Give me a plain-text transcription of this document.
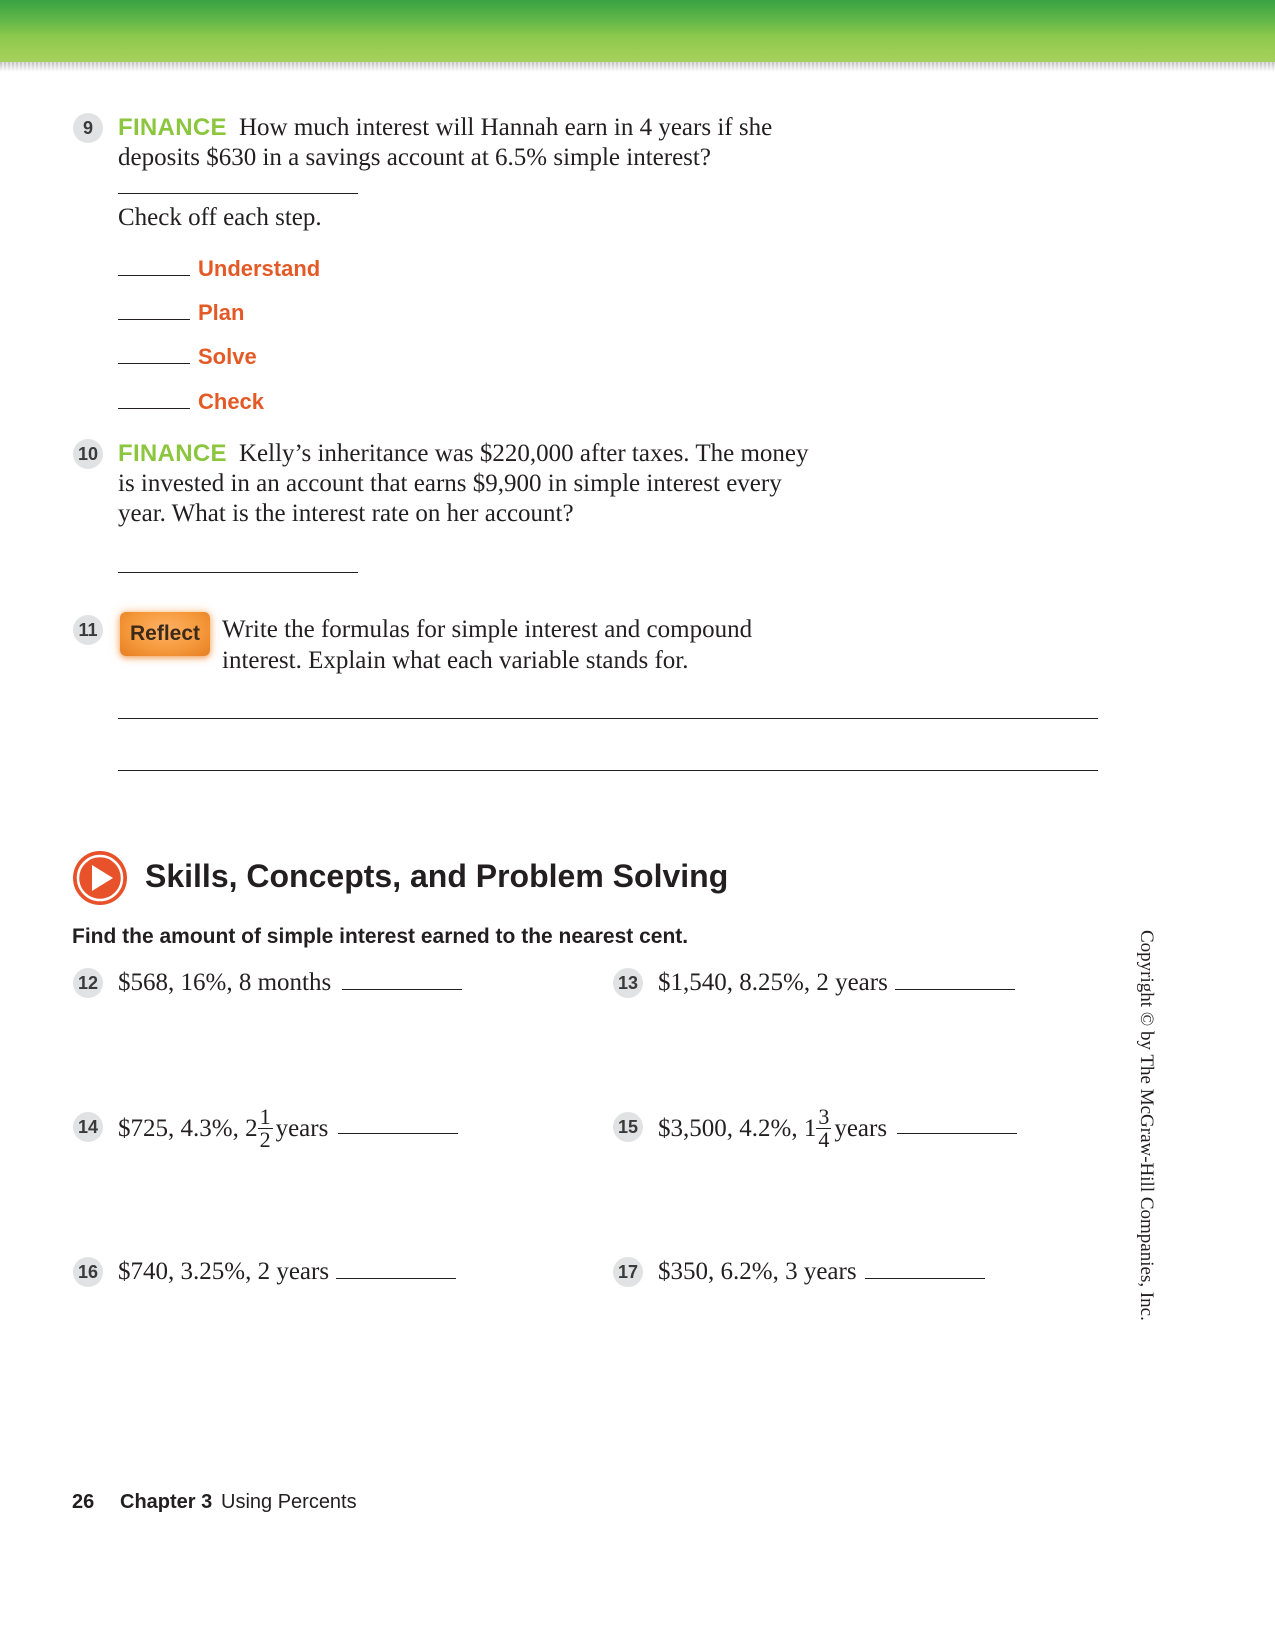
9	FINANCE How much interest will Hannah earn in 4 years if she
deposits $630 in a savings account at 6.5% simple interest?
Check off each step.
Understand
Plan
Solve
Check
10 FINANCE Kelly’s inheritance was $220,000 after taxes. The money
is invested in an account that earns $9,900 in simple interest every
year. What is the interest rate on her account?
11	Reflect Write the formulas for simple interest and compound
interest. Explain what each variable stands for.
Skills, Concepts, and Problem Solving
Find the amount of simple interest earned to the nearest cent.
12 $568, 16%, 8 months	13 $1,540, 8.25%, 2 years
14 $725, 4.3%, $2 \frac{1}{2}$ years	15 $3,500, 4.2%, $1 \frac{3}{4}$ years
16 $740, 3.25%, 2 years	17 $350, 6.2%, 3 years	Copyright © by The McGraw-Hill Companies, Inc.
26 Chapter 3 Using Percents
